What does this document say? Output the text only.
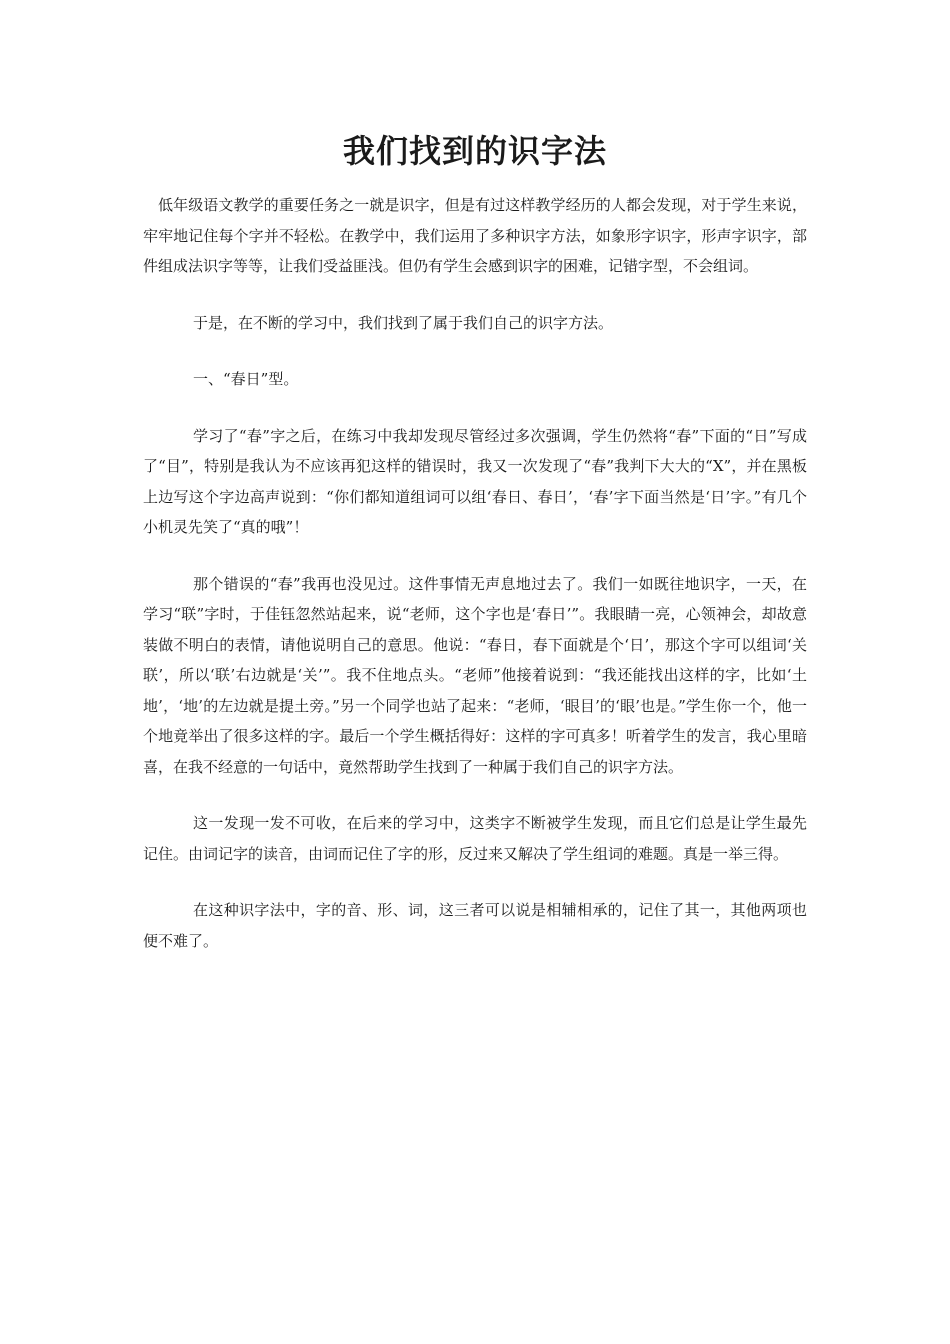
我们找到的识字法

低年级语文教学的重要任务之一就是识字，但是有过这样教学经历的人都会发现，对于学生来说，牢牢地记住每个字并不轻松。在教学中，我们运用了多种识字方法，如象形字识字，形声字识字，部件组成法识字等等，让我们受益匪浅。但仍有学生会感到识字的困难，记错字型，不会组词。

于是，在不断的学习中，我们找到了属于我们自己的识字方法。

一、“春日”型。

学习了“春”字之后，在练习中我却发现尽管经过多次强调，学生仍然将“春”下面的“日”写成了“目”，特别是我认为不应该再犯这样的错误时，我又一次发现了“春”我判下大大的“X”，并在黑板上边写这个字边高声说到：“你们都知道组词可以组‘春日、春日’，‘春’字下面当然是‘日’字。”有几个小机灵先笑了“真的哦”！

那个错误的“春”我再也没见过。这件事情无声息地过去了。我们一如既往地识字，一天，在学习“联”字时，于佳钰忽然站起来，说“老师，这个字也是‘春日’”。我眼睛一亮，心领神会，却故意装做不明白的表情，请他说明自己的意思。他说：“春日，春下面就是个‘日’，那这个字可以组词‘关联’，所以‘联’右边就是‘关’”。我不住地点头。“老师”他接着说到：“我还能找出这样的字，比如‘土地’，‘地’的左边就是提土旁。”另一个同学也站了起来：“老师，‘眼目’的‘眼’也是。”学生你一个，他一个地竟举出了很多这样的字。最后一个学生概括得好：这样的字可真多！听着学生的发言，我心里暗喜，在我不经意的一句话中，竟然帮助学生找到了一种属于我们自己的识字方法。

这一发现一发不可收，在后来的学习中，这类字不断被学生发现，而且它们总是让学生最先记住。由词记字的读音，由词而记住了字的形，反过来又解决了学生组词的难题。真是一举三得。

在这种识字法中，字的音、形、词，这三者可以说是相辅相承的，记住了其一，其他两项也便不难了。
